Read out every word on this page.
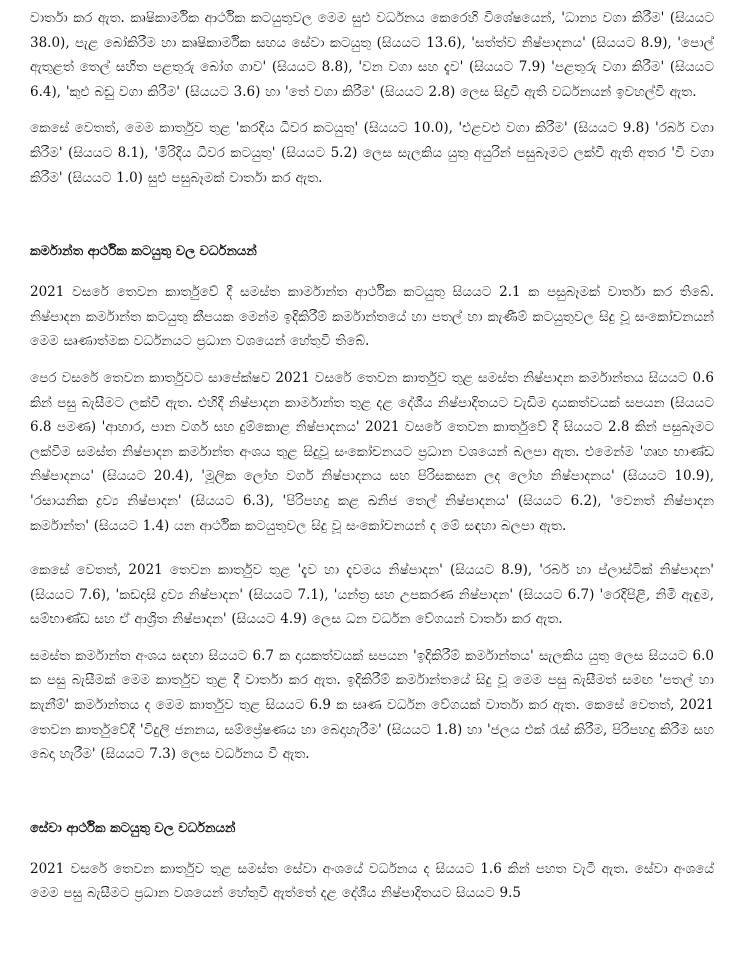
වාර්තා කර ඇත. කෘෂිකාර්මික ආර්ථික කටයුතුවල මෙම සුළු වර්ධනය කෙරෙහි විශේෂයෙන්, 'ධාන්‍ය වගා කිරීම' (සියයට 38.0), පැළ බෝකිරීම හා කෘෂිකාර්මික සහය සේවා කටයුතු (සියයට 13.6), 'සත්ත්ව නිෂ්පාදනය' (සියයට 8.9), 'පොල් ඇතුළත් තෙල් සහිත පළතුරු බෝග ගාව' (සියයට 8.8), 'වන වගා සහ දැව' (සියයට 7.9) 'පළතුරු වගා කිරීම' (සියයට 6.4), 'කුළු බඩු වගා කිරීම' (සියයට 3.6) හා 'තේ වගා කිරීම' (සියයට 2.8) ලෙස සිදුවී ඇති වර්ධනයන් ඉවහල්වී ඇත.

කෙසේ වෙතත්, මෙම කාර්තුව තුළ 'කරදිය ධීවර කටයුතු' (සියයට 10.0), 'එළවළු වගා කිරීම' (සියයට 9.8) 'රබර් වගා කිරීම' (සියයට 8.1), 'මිරිදිය ධීවර කටයුතු' (සියයට 5.2) ලෙස සැලකිය යුතු අයුරින් පසුබෑමට ලක්වී ඇති අතර 'වී වගා කිරීම' (සියයට 1.0) සුළු පසුබෑමක් වාර්තා කර ඇත.

කර්මාන්ත ආර්ථික කටයුතු වල වර්ධනයන්

2021 වසරේ තෙවන කාර්තුවේ දී සමස්ත කාර්මාන්ත ආර්ථික කටයුතු සියයට 2.1 ක පසුබෑමක් වාර්තා කර තිබේ. නිෂ්පාදන කර්මාන්ත කටයුතු කීපයක මෙන්ම ඉදිකිරීම් කර්මාන්තයේ හා පතල් හා කැණීම් කටයුතුවල සිදු වූ සංකෝචනයන් මෙම සෘණාත්මක වර්ධනයට ප්‍රධාන වශයෙන් හේතුවී තිබේ.

පෙර වසරේ තෙවන කාර්තුවට සාපේක්ෂව 2021 වසරේ තෙවන කාර්තුව තුළ සමස්ත නිෂ්පාදන කර්මාන්තය සියයට 0.6 කින් පසු බැසීමට ලක්වී ඇත. එහිදී නිෂ්පාදන කාර්මාන්ත තුළ දළ දේශීය නිෂ්පාදිතයට වැඩිම දායකත්වයක් සපයන (සියයට 6.8 පමණ) 'ආහාර, පාන වර්ග සහ දුම්කොළ නිෂ්පාදනය' 2021 වසරේ තෙවන කාර්තුවේ දී සියයට 2.8 කින් පසුබෑමට ලක්වීම සමස්ත නිෂ්පාදන කර්මාන්ත අංශය තුළ සිදුවූ සංකෝචනයට ප්‍රධාන වශයෙන් බලපා ඇත. එමෙන්ම 'ගෘහ භාණ්ඩ නිෂ්පාදනය' (සියයට 20.4), 'මූලික ලෝහ වර්ග නිෂ්පාදනය සහ පිරිසකසන ලද ලෝහ නිෂ්පාදනය' (සියයට 10.9), 'රසායනික ද්‍රව්‍ය නිෂ්පාදන' (සියයට 6.3), 'පිරිපහදු කළ ඛනිජ තෙල් නිෂ්පාදනය' (සියයට 6.2), 'වෙනත් නිෂ්පාදන කර්මාන්ත' (සියයට 1.4) යන ආර්ථික කටයුතුවල සිදු වූ සංකෝචනයන් ද මේ සඳහා බලපා ඇත.

කෙසේ වෙතත්, 2021 තෙවන කාර්තුව තුළ 'දැව හා දැවමය නිෂ්පාදන' (සියයට 8.9), 'රබර් හා ප්ලාස්ටික් නිෂ්පාදන' (සියයට 7.6), 'කඩදාසි ද්‍රව්‍ය නිෂ්පාදන' (සියයට 7.1), 'යන්ත්‍ර සහ උපකරණ නිෂ්පාදන' (සියයට 6.7) 'රෙදිපිළි, නිමි ඇඳුම, සම්භාණ්ඩ සහ ඒ ආශ්‍රිත නිෂ්පාදන' (සියයට 4.9) ලෙස ධන වර්ධන වේගයන් වාර්තා කර ඇත.

සමස්ත කර්මාන්ත අංශය සඳහා සියයට 6.7 ක දායකත්වයක් සපයන 'ඉදිකිරීම් කර්මාන්තය' සැලකිය යුතු ලෙස සියයට 6.0 ක පසු බැසීමක් මෙම කාර්තුව තුළ දී වාර්තා කර ඇත. ඉදිකිරීම් කර්මාන්තයේ සිදු වූ මෙම පසු බැසීමත් සමඟ 'පතල් හා කැනීම්' කර්මාන්තය ද මෙම කාර්තුව තුළ සියයට 6.9 ක සෘණ වර්ධන වේගයක් වාර්තා කර ඇත. කෙසේ වෙතත්, 2021 තෙවන කාර්තුවේදී 'විදුලි ජනනය, සම්ප්‍රේෂණය හා බෙදාහැරීම' (සියයට 1.8) හා 'ජලය එක් රැස් කිරීම, පිරිපහදු කිරීම සහ බෙදා හැරීම' (සියයට 7.3) ලෙස වර්ධනය වී ඇත.

සේවා ආර්ථික කටයුතු වල වර්ධනයන්

2021 වසරේ තෙවන කාර්තුව තුළ සමස්ත සේවා අංශයේ වර්ධනය ද සියයට 1.6 කින් පහත වැටී ඇත. සේවා අංශයේ මෙම පසු බැසීමට ප්‍රධාන වශයෙන් හේතුවී ඇත්තේ දළ දේශීය නිෂ්පාදිතයට සියයට 9.5
